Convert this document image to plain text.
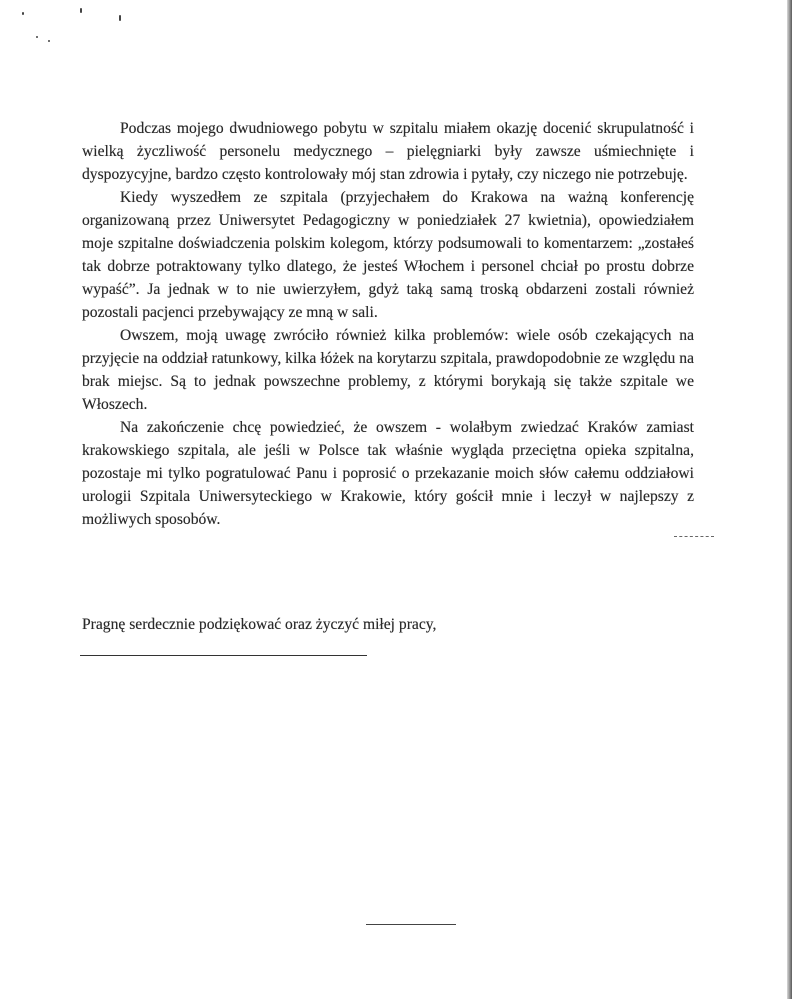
Podczas mojego dwudniowego pobytu w szpitalu miałem okazję docenić skrupulatność i wielką życzliwość personelu medycznego – pielęgniarki były zawsze uśmiechnięte i dyspozycyjne, bardzo często kontrolowały mój stan zdrowia i pytały, czy niczego nie potrzebuję.

Kiedy wyszedłem ze szpitala (przyjechałem do Krakowa na ważną konferencję organizowaną przez Uniwersytet Pedagogiczny w poniedziałek 27 kwietnia), opowiedziałem moje szpitalne doświadczenia polskim kolegom, którzy podsumowali to komentarzem: „zostałeś tak dobrze potraktowany tylko dlatego, że jesteś Włochem i personel chciał po prostu dobrze wypaść”. Ja jednak w to nie uwierzyłem, gdyż taką samą troską obdarzeni zostali również pozostali pacjenci przebywający ze mną w sali.

Owszem, moją uwagę zwróciło również kilka problemów: wiele osób czekających na przyjęcie na oddział ratunkowy, kilka łóżek na korytarzu szpitala, prawdopodobnie ze względu na brak miejsc. Są to jednak powszechne problemy, z którymi borykają się także szpitale we Włoszech.

Na zakończenie chcę powiedzieć, że owszem - wolałbym zwiedzać Kraków zamiast krakowskiego szpitala, ale jeśli w Polsce tak właśnie wygląda przeciętna opieka szpitalna, pozostaje mi tylko pogratulować Panu i poprosić o przekazanie moich słów całemu oddziałowi urologii Szpitala Uniwersyteckiego w Krakowie, który gościł mnie i leczył w najlepszy z możliwych sposobów.

Pragnę serdecznie podziękować oraz życzyć miłej pracy,
